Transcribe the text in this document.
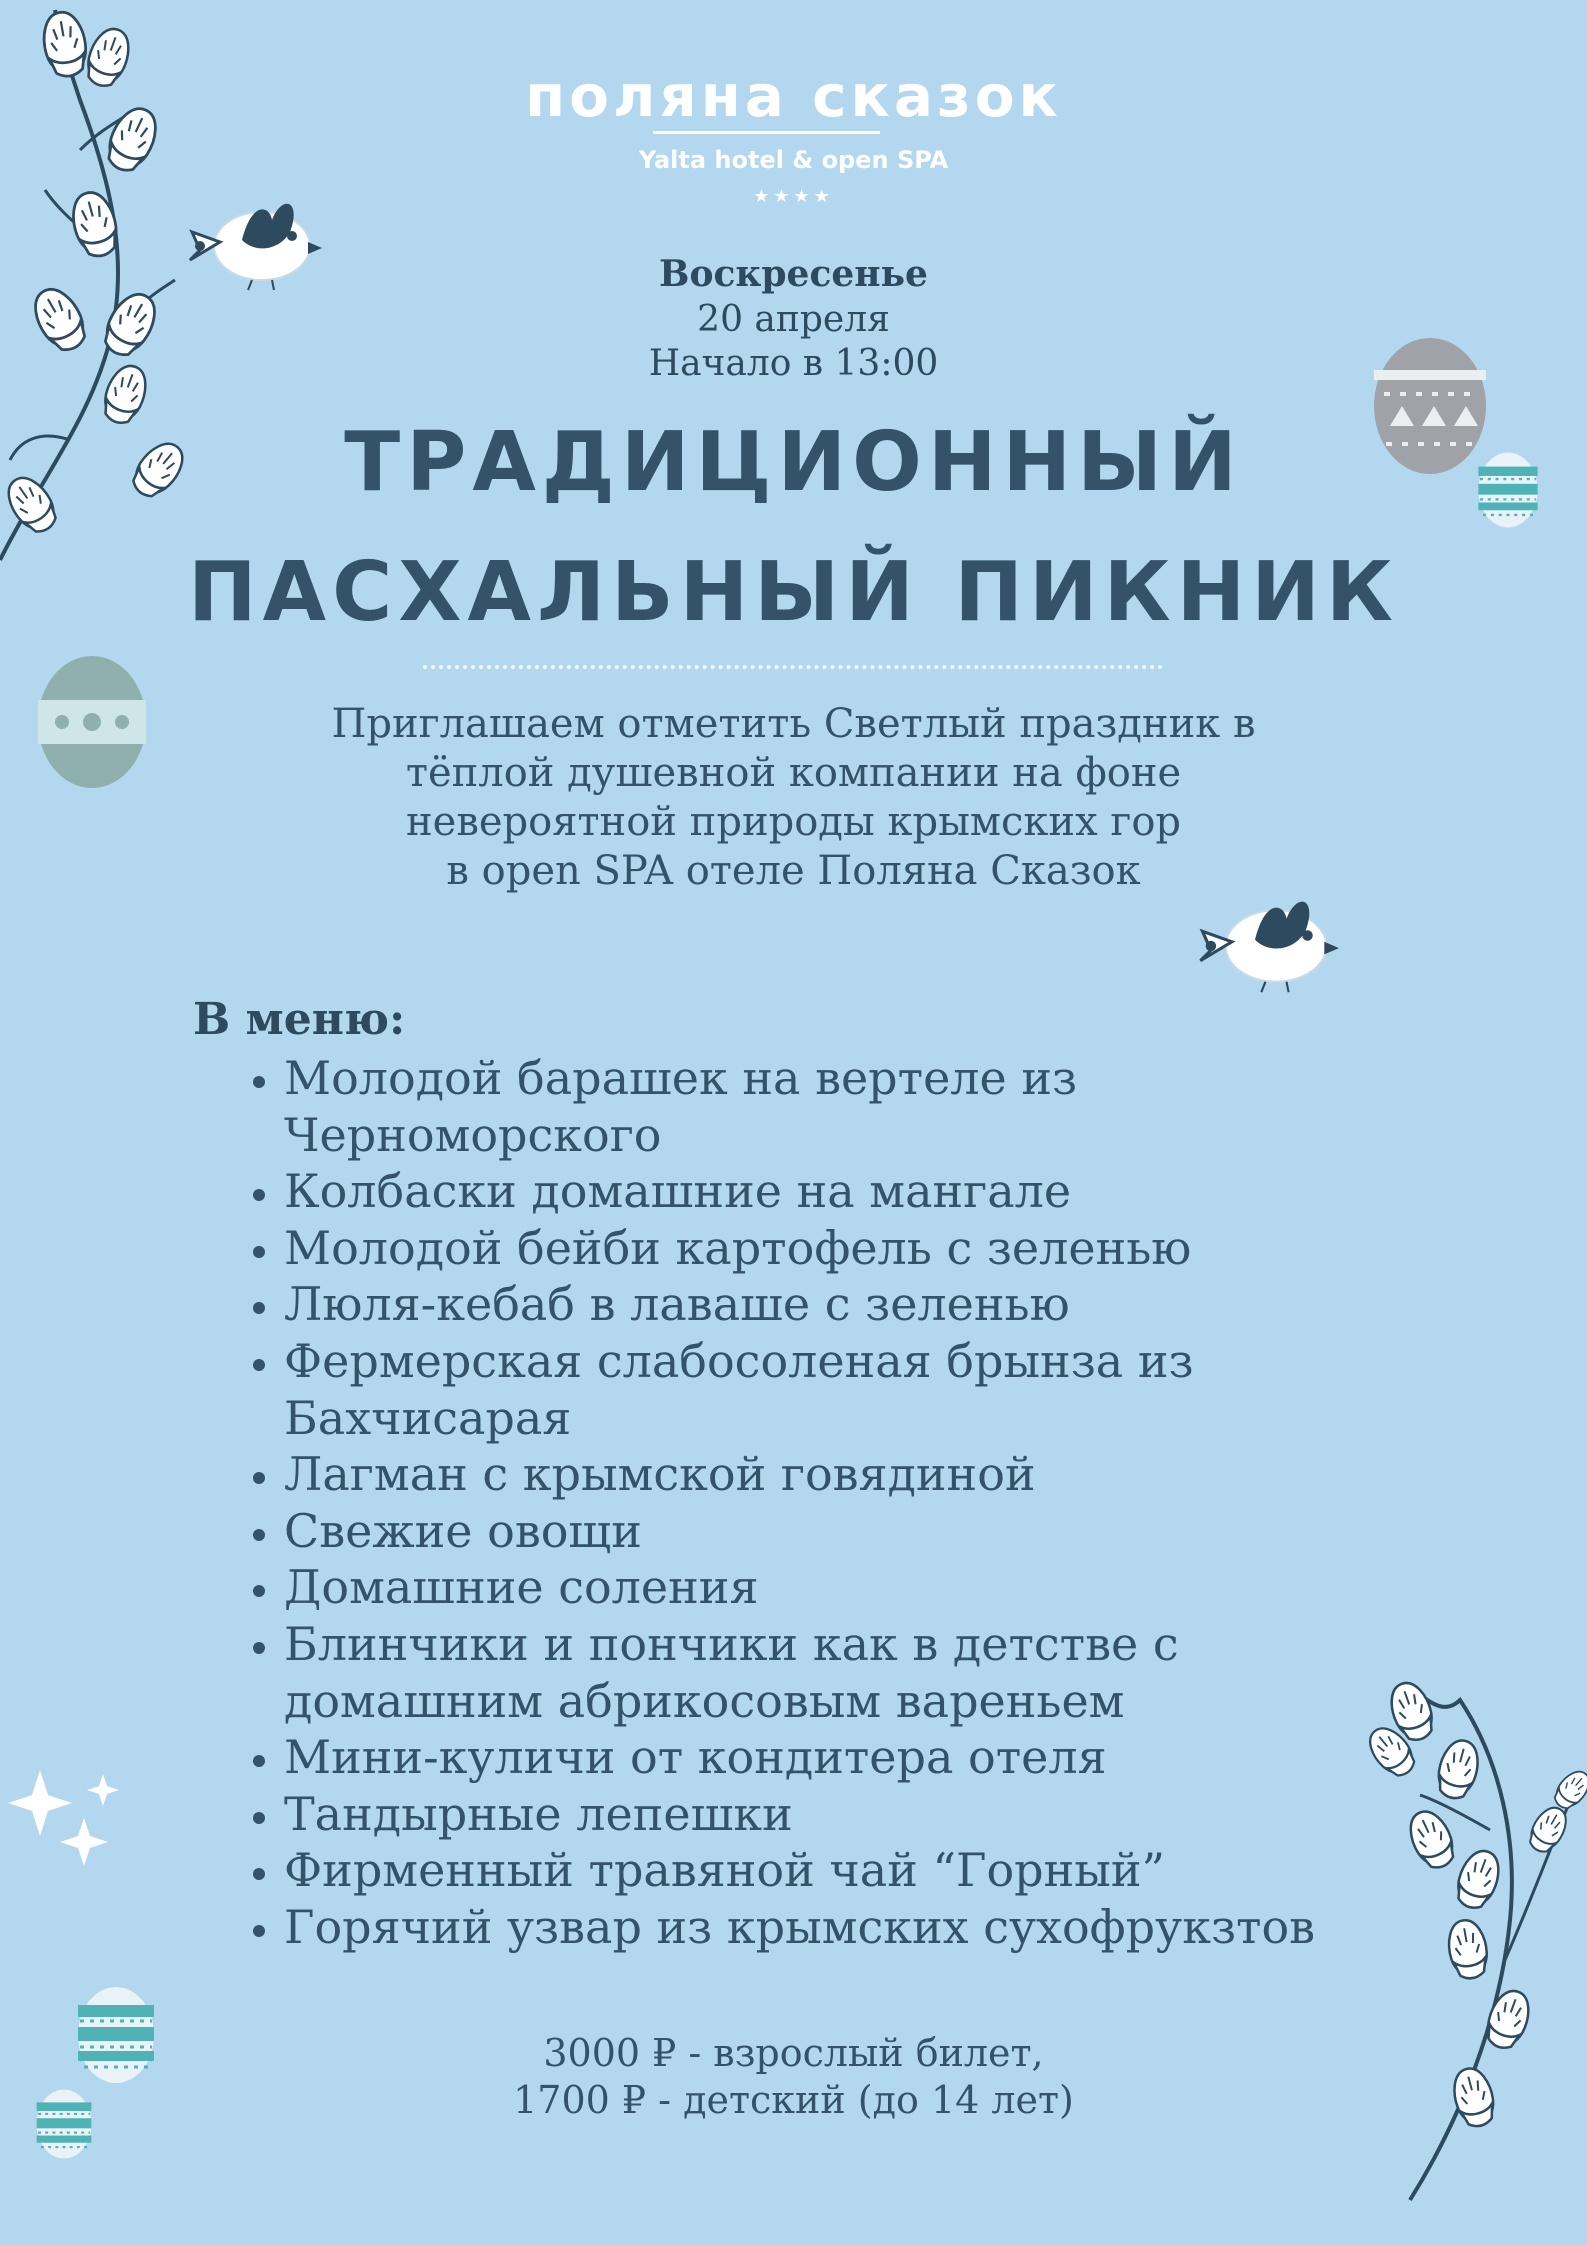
поляна сказок
Yalta hotel & open SPA
★★★★
Воскресенье
20 апреля
Начало в 13:00
ТРАДИЦИОННЫЙ
ПАСХАЛЬНЫЙ ПИКНИК
Приглашаем отметить Светлый праздник в
тёплой душевной компании на фоне
невероятной природы крымских гор
в open SPA отеле Поляна Сказок
В меню:
• Молодой барашек на вертеле из Черноморского
• Колбаски домашние на мангале
• Молодой бейби картофель с зеленью
• Люля-кебаб в лаваше с зеленью
• Фермерская слабосоленая брынза из Бахчисарая
• Лагман с крымской говядиной
• Свежие овощи
• Домашние соления
• Блинчики и пончики как в детстве с домашним абрикосовым вареньем
• Мини-куличи от кондитера отеля
• Тандырные лепешки
• Фирменный травяной чай “Горный”
• Горячий узвар из крымских сухофрукзтов
3000 ₽ - взрослый билет,
1700 ₽ - детский (до 14 лет)
